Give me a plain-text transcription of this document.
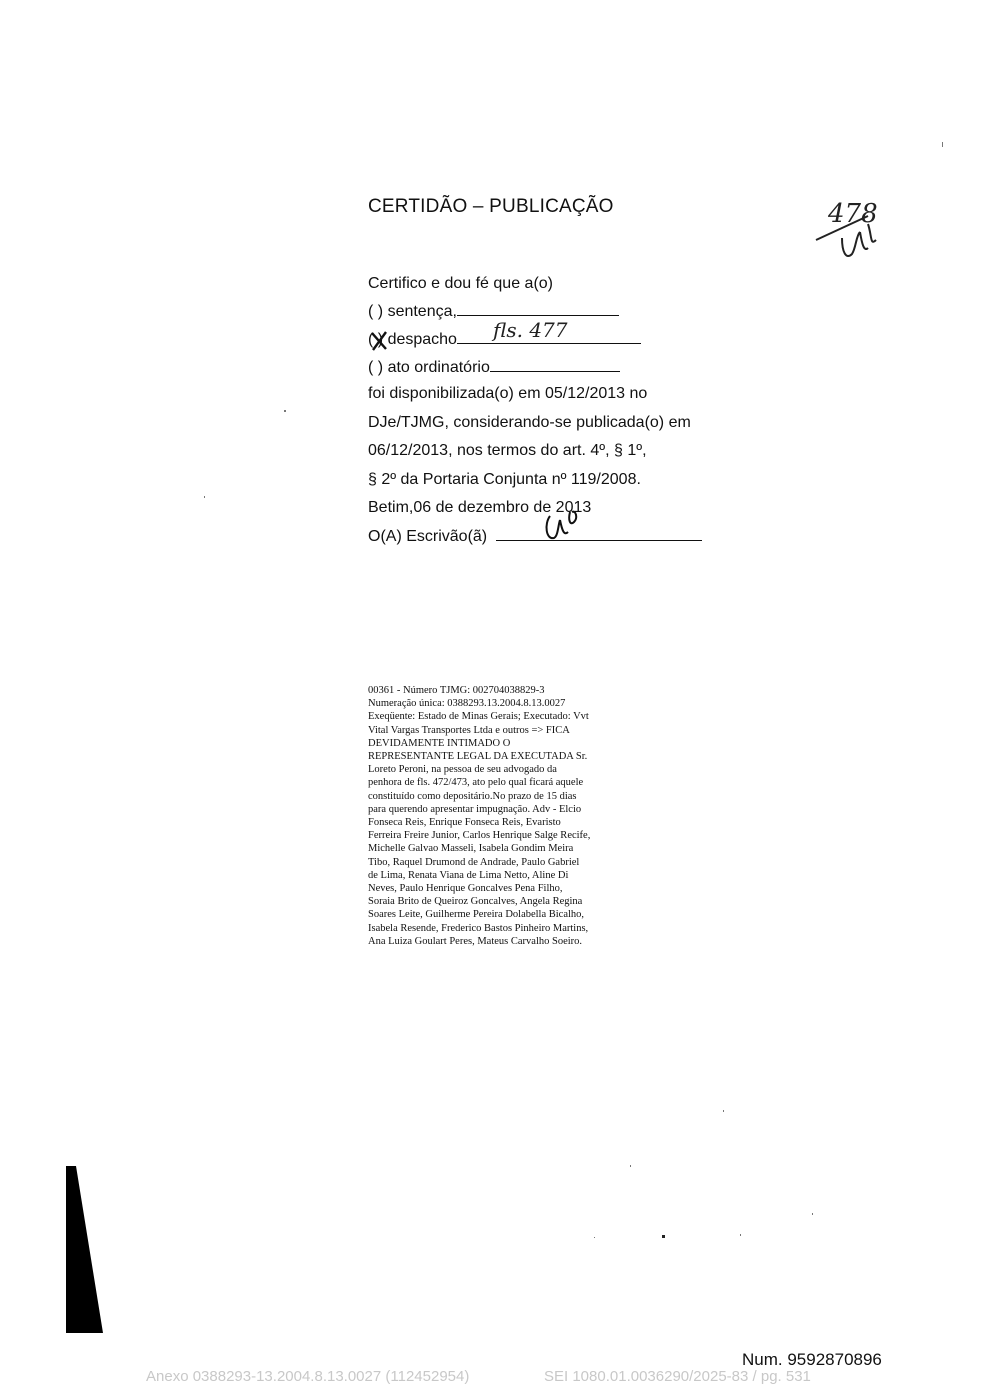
CERTIDÃO – PUBLICAÇÃO	478
Certifico e dou fé que a(o)
( ) sentença,
( ) despacho fls. 477
( ) ato ordinatório
foi disponibilizada(o) em 05/12/2013 no
DJe/TJMG, considerando-se publicada(o) em
06/12/2013, nos termos do art. 4º, § 1º,
§ 2º da Portaria Conjunta nº 119/2008.
Betim,06 de dezembro de 2013
O(A) Escrivão(ã)
00361 - Número TJMG: 002704038829-3
Numeração única: 0388293.13.2004.8.13.0027
Exeqüente: Estado de Minas Gerais; Executado: Vvt
Vital Vargas Transportes Ltda e outros => FICA
DEVIDAMENTE INTIMADO O
REPRESENTANTE LEGAL DA EXECUTADA Sr.
Loreto Peroni, na pessoa de seu advogado da
penhora de fls. 472/473, ato pelo qual ficará aquele
constituído como depositário.No prazo de 15 dias
para querendo apresentar impugnação. Adv - Elcio
Fonseca Reis, Enrique Fonseca Reis, Evaristo
Ferreira Freire Junior, Carlos Henrique Salge Recife,
Michelle Galvao Masseli, Isabela Gondim Meira
Tibo, Raquel Drumond de Andrade, Paulo Gabriel
de Lima, Renata Viana de Lima Netto, Aline Di
Neves, Paulo Henrique Goncalves Pena Filho,
Soraia Brito de Queiroz Goncalves, Angela Regina
Soares Leite, Guilherme Pereira Dolabella Bicalho,
Isabela Resende, Frederico Bastos Pinheiro Martins,
Ana Luiza Goulart Peres, Mateus Carvalho Soeiro.
Num. 9592870896
Anexo 0388293-13.2004.8.13.0027 (112452954)	SEI 1080.01.0036290/2025-83 / pg. 531
